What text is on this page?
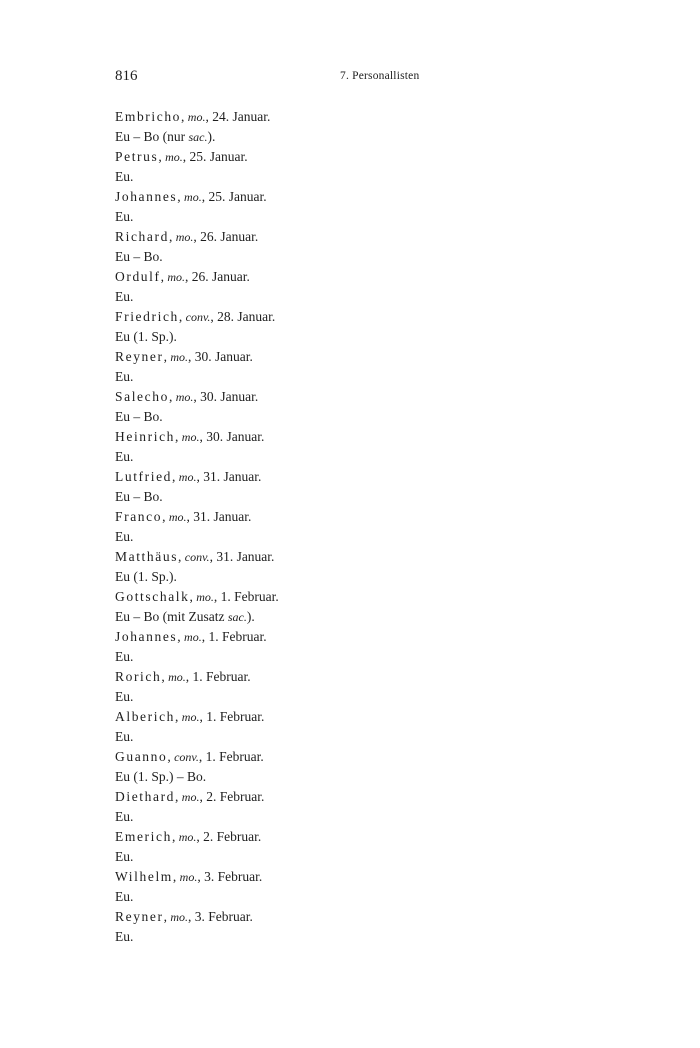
816	7. Personallisten
Embricho, mo., 24. Januar.
Eu – Bo (nur sac.).
Petrus, mo., 25. Januar.
Eu.
Johannes, mo., 25. Januar.
Eu.
Richard, mo., 26. Januar.
Eu – Bo.
Ordulf, mo., 26. Januar.
Eu.
Friedrich, conv., 28. Januar.
Eu (1. Sp.).
Reyner, mo., 30. Januar.
Eu.
Salecho, mo., 30. Januar.
Eu – Bo.
Heinrich, mo., 30. Januar.
Eu.
Lutfried, mo., 31. Januar.
Eu – Bo.
Franco, mo., 31. Januar.
Eu.
Matthäus, conv., 31. Januar.
Eu (1. Sp.).
Gottschalk, mo., 1. Februar.
Eu – Bo (mit Zusatz sac.).
Johannes, mo., 1. Februar.
Eu.
Rorich, mo., 1. Februar.
Eu.
Alberich, mo., 1. Februar.
Eu.
Guanno, conv., 1. Februar.
Eu (1. Sp.) – Bo.
Diethard, mo., 2. Februar.
Eu.
Emerich, mo., 2. Februar.
Eu.
Wilhelm, mo., 3. Februar.
Eu.
Reyner, mo., 3. Februar.
Eu.
